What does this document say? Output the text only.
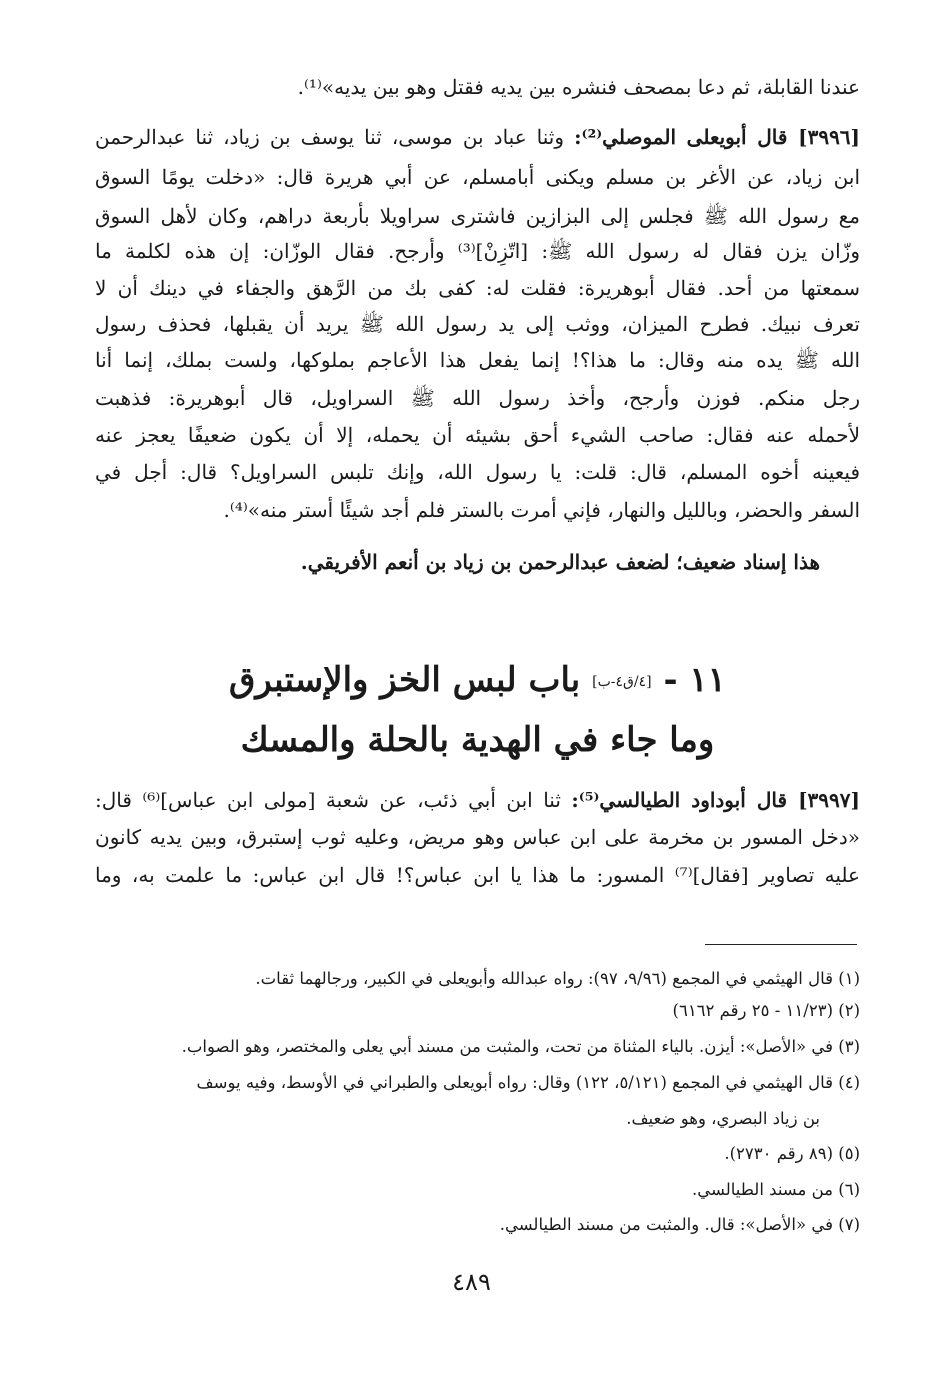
عندنا القابلة، ثم دعا بمصحف فنشره بين يديه فقتل وهو بين يديه»⁽¹⁾.
[٣٩٩٦] قال أبويعلى الموصلي⁽²⁾: وثنا عباد بن موسى، ثنا يوسف بن زياد، ثنا عبدالرحمن
ابن زياد، عن الأغر بن مسلم ويكنى أبامسلم، عن أبي هريرة قال: «دخلت يومًا السوق
مع رسول الله ﷺ فجلس إلى البزازين فاشترى سراويلا بأربعة دراهم، وكان لأهل السوق
وزّان يزن فقال له رسول الله ﷺ: [اتّزِنْ]⁽³⁾ وأرجح. فقال الوزّان: إن هذه لكلمة ما
سمعتها من أحد. فقال أبوهريرة: فقلت له: كفى بك من الرَّهق والجفاء في دينك أن لا
تعرف نبيك. فطرح الميزان، ووثب إلى يد رسول الله ﷺ يريد أن يقبلها، فحذف رسول
الله ﷺ يده منه وقال: ما هذا؟! إنما يفعل هذا الأعاجم بملوكها، ولست بملك، إنما أنا
رجل منكم. فوزن وأرجح، وأخذ رسول الله ﷺ السراويل، قال أبوهريرة: فذهبت
لأحمله عنه فقال: صاحب الشيء أحق بشيئه أن يحمله، إلا أن يكون ضعيفًا يعجز عنه
فيعينه أخوه المسلم، قال: قلت: يا رسول الله، وإنك تلبس السراويل؟ قال: أجل في
السفر والحضر، وبالليل والنهار، فإني أمرت بالستر فلم أجد شيئًا أستر منه»⁽⁴⁾.
هذا إسناد ضعيف؛ لضعف عبدالرحمن بن زياد بن أنعم الأفريقي.
١١ - [٤/ق٤-ب] باب لبس الخز والإستبرق
وما جاء في الهدية بالحلة والمسك
[٣٩٩٧] قال أبوداود الطيالسي⁽⁵⁾: ثنا ابن أبي ذئب، عن شعبة [مولى ابن عباس]⁽⁶⁾ قال:
«دخل المسور بن مخرمة على ابن عباس وهو مريض، وعليه ثوب إستبرق، وبين يديه كانون
عليه تصاوير [فقال]⁽⁷⁾ المسور: ما هذا يا ابن عباس؟! قال ابن عباس: ما علمت به، وما
(١) قال الهيثمي في المجمع (٩/٩٦، ٩٧): رواه عبدالله وأبويعلى في الكبير، ورجالهما ثقات.
(٢) (١١/٢٣ - ٢٥ رقم ٦١٦٢)
(٣) في «الأصل»: أيزن. بالياء المثناة من تحت، والمثبت من مسند أبي يعلى والمختصر، وهو الصواب.
(٤) قال الهيثمي في المجمع (٥/١٢١، ١٢٢) وقال: رواه أبويعلى والطبراني في الأوسط، وفيه يوسف
بن زياد البصري، وهو ضعيف.
(٥) (٨٩ رقم ٢٧٣٠).
(٦) من مسند الطيالسي.
(٧) في «الأصل»: قال. والمثبت من مسند الطيالسي.
٤٨٩
